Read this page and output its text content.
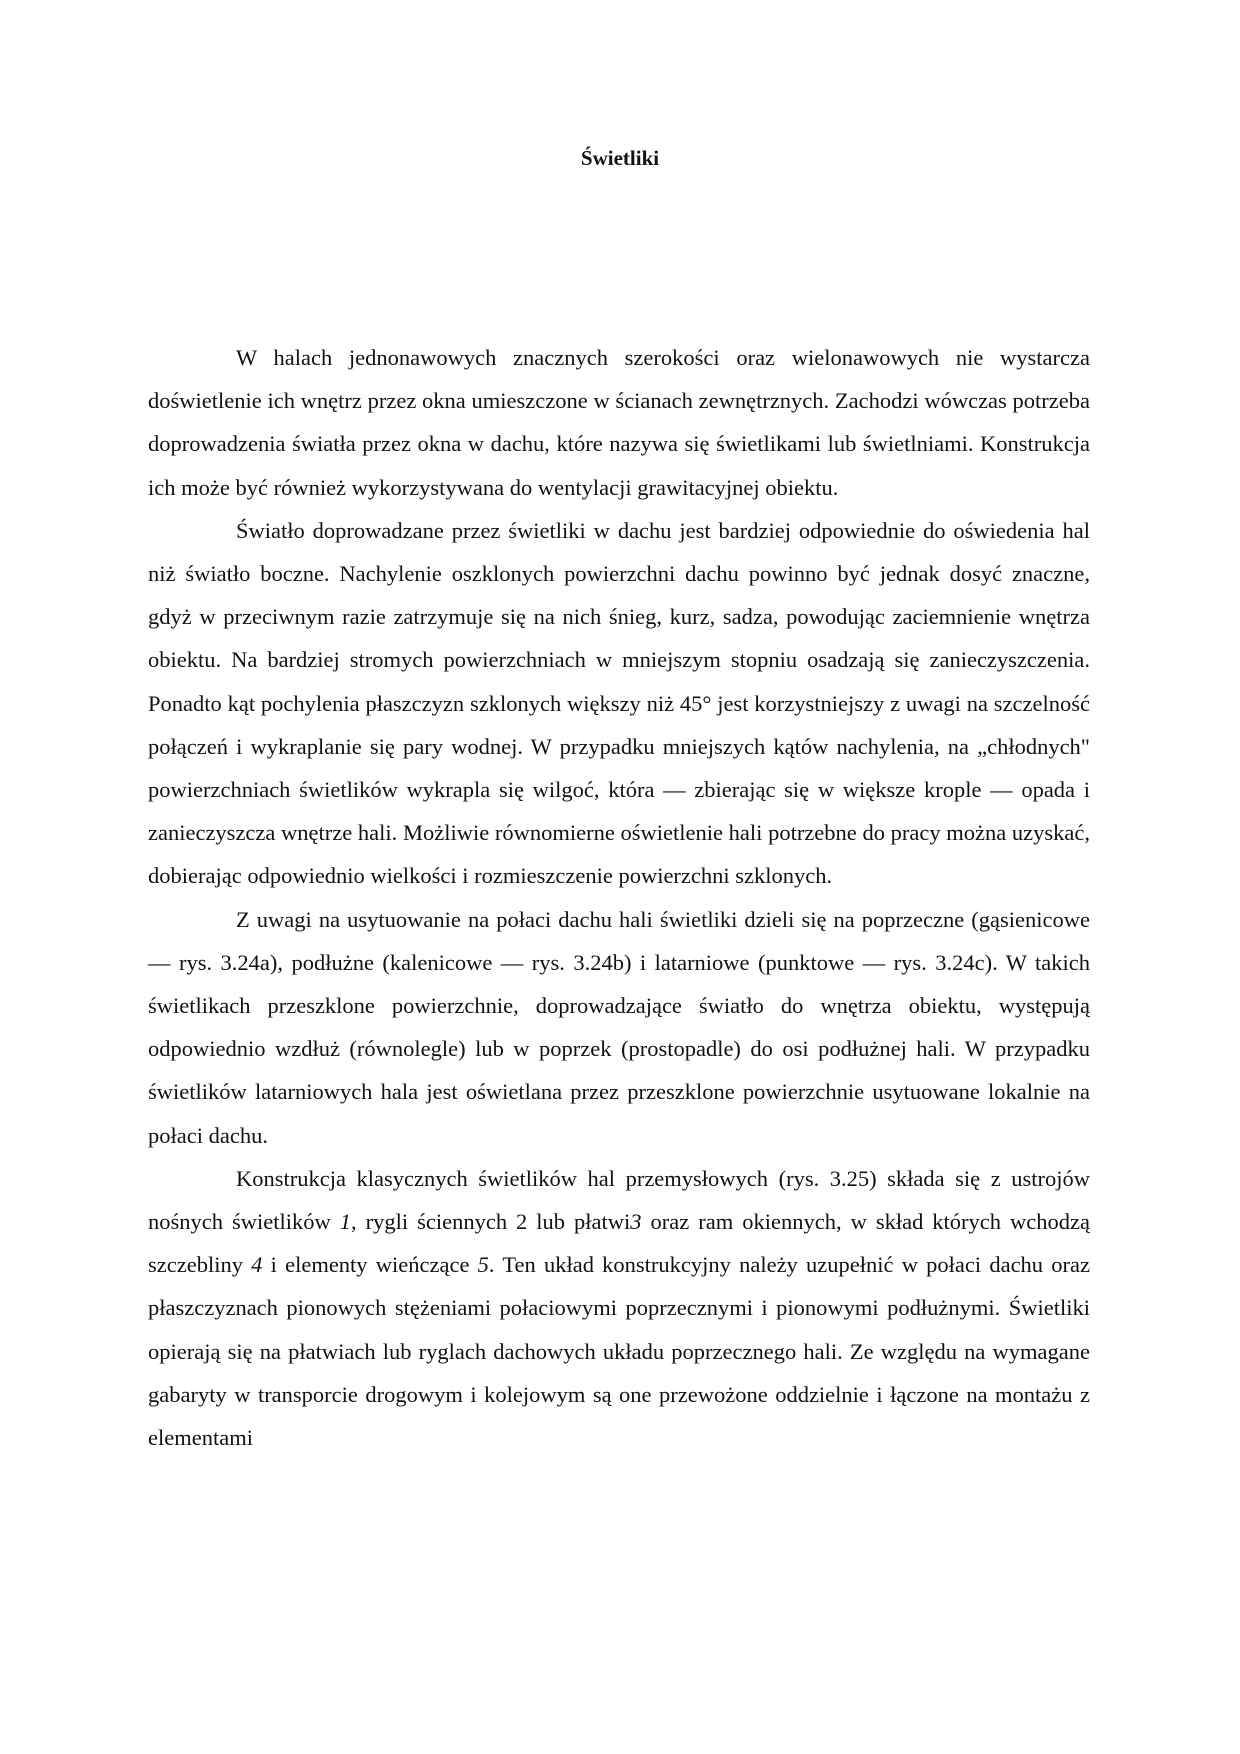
Świetliki

W halach jednonawowych znacznych szerokości oraz wielonawowych nie wystarcza doświetlenie ich wnętrz przez okna umieszczone w ścianach zewnętrznych. Zachodzi wówczas potrzeba doprowadzenia światła przez okna w dachu, które nazywa się świetlikami lub świetlniami. Konstrukcja ich może być również wykorzystywana do wentylacji grawitacyjnej obiektu.

Światło doprowadzane przez świetliki w dachu jest bardziej odpowiednie do oświedenia hal niż światło boczne. Nachylenie oszklonych powierzchni dachu powinno być jednak dosyć znaczne, gdyż w przeciwnym razie zatrzymuje się na nich śnieg, kurz, sadza, powodując zaciemnienie wnętrza obiektu. Na bardziej stromych powierzchniach w mniejszym stopniu osadzają się zanieczyszczenia. Ponadto kąt pochylenia płaszczyzn szklonych większy niż 45° jest korzystniejszy z uwagi na szczelność połączeń i wykraplanie się pary wodnej. W przypadku mniejszych kątów nachylenia, na „chłodnych" powierzchniach świetlików wykrapla się wilgoć, która — zbierając się w większe krople — opada i zanieczyszcza wnętrze hali. Możliwie równomierne oświetlenie hali potrzebne do pracy można uzyskać, dobierając odpowiednio wielkości i rozmieszczenie powierzchni szklonych.

Z uwagi na usytuowanie na połaci dachu hali świetliki dzieli się na poprzeczne (gąsienicowe — rys. 3.24a), podłużne (kalenicowe — rys. 3.24b) i latarniowe (punktowe — rys. 3.24c). W takich świetlikach przeszklone powierzchnie, doprowadzające światło do wnętrza obiektu, występują odpowiednio wzdłuż (równolegle) lub w poprzek (prostopadle) do osi podłużnej hali. W przypadku świetlików latarniowych hala jest oświetlana przez przeszklone powierzchnie usytuowane lokalnie na połaci dachu.

Konstrukcja klasycznych świetlików hal przemysłowych (rys. 3.25) składa się z ustrojów nośnych świetlików 1, rygli ściennych 2 lub płatwi3 oraz ram okiennych, w skład których wchodzą szczebliny 4 i elementy wieńczące 5. Ten układ konstrukcyjny należy uzupełnić w połaci dachu oraz płaszczyznach pionowych stężeniami połaciowymi poprzecznymi i pionowymi podłużnymi. Świetliki opierają się na płatwiach lub ryglach dachowych układu poprzecznego hali. Ze względu na wymagane gabaryty w transporcie drogowym i kolejowym są one przewożone oddzielnie i łączone na montażu z elementami
